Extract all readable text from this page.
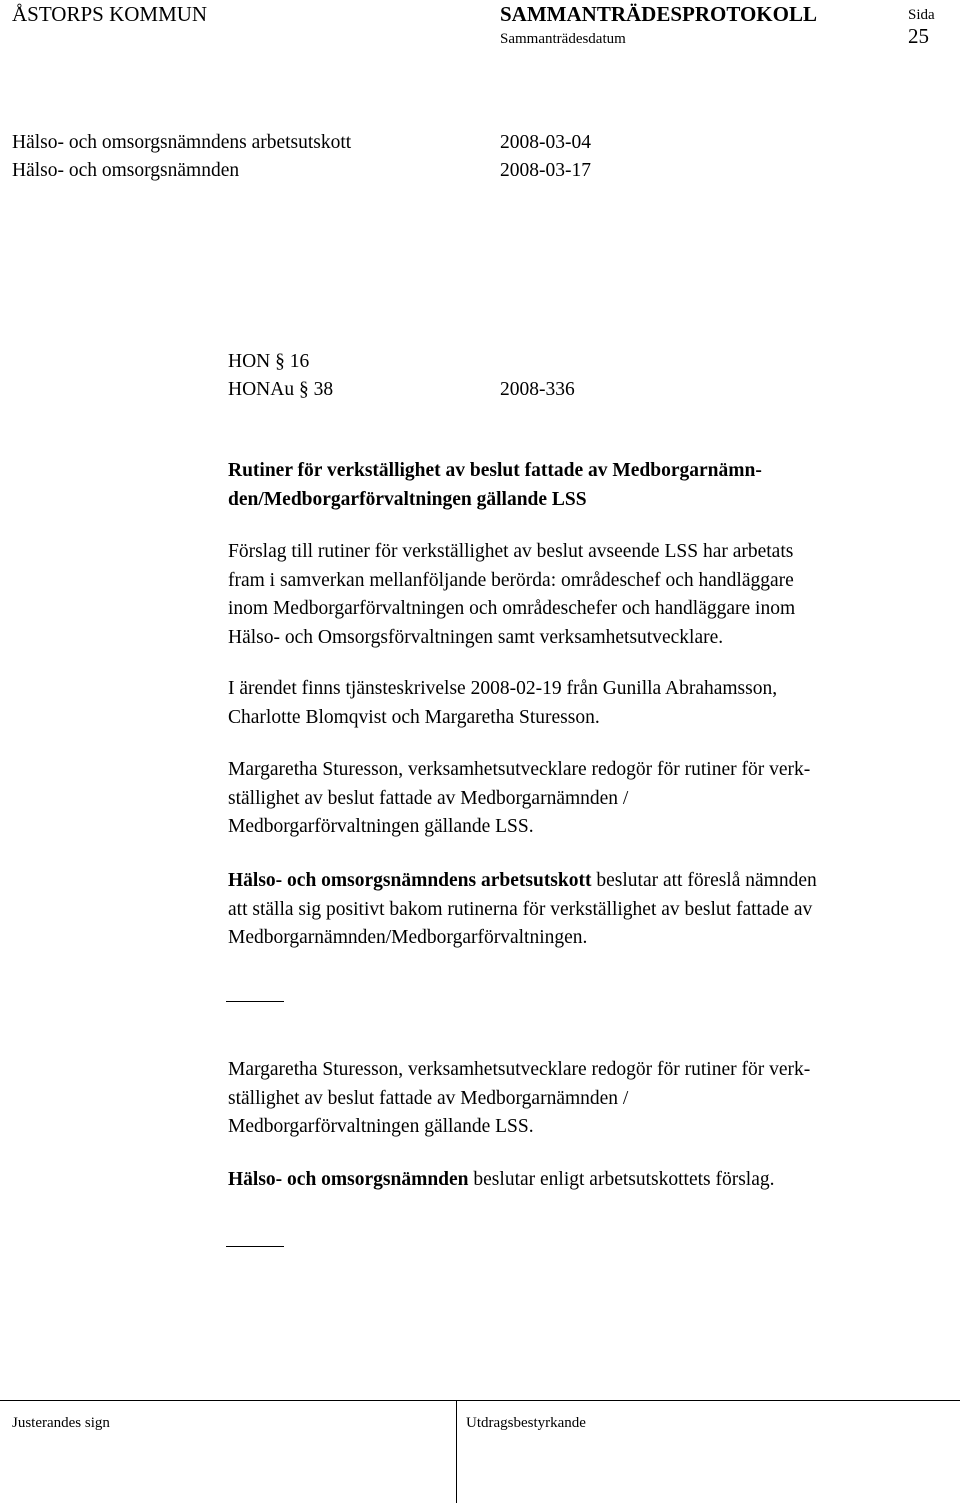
ÅSTORPS KOMMUN	SAMMANTRÄDESPROTOKOLL
Sammanträdesdatum
Sida
25
Hälso- och omsorgsnämndens arbetsutskott	2008-03-04
Hälso- och omsorgsnämnden	2008-03-17
HON § 16
HONAu § 38	2008-336
Rutiner för verkställighet av beslut fattade av Medborgarnämn-
den/Medborgarförvaltningen gällande LSS
Förslag till rutiner för verkställighet av beslut avseende LSS har arbetats
fram i samverkan mellanföljande berörda: områdeschef och handläggare
inom Medborgarförvaltningen och områdeschefer och handläggare inom
Hälso- och Omsorgsförvaltningen samt verksamhetsutvecklare.
I ärendet finns tjänsteskrivelse 2008-02-19 från Gunilla Abrahamsson,
Charlotte Blomqvist och Margaretha Sturesson.
Margaretha Sturesson, verksamhetsutvecklare redogör för rutiner för verk-
ställighet av beslut fattade av Medborgarnämnden /
Medborgarförvaltningen gällande LSS.
Hälso- och omsorgsnämndens arbetsutskott beslutar att föreslå nämnden
att ställa sig positivt bakom rutinerna för verkställighet av beslut fattade av
Medborgarnämnden/Medborgarförvaltningen.
Margaretha Sturesson, verksamhetsutvecklare redogör för rutiner för verk-
ställighet av beslut fattade av Medborgarnämnden /
Medborgarförvaltningen gällande LSS.
Hälso- och omsorgsnämnden beslutar enligt arbetsutskottets förslag.
Justerandes sign	Utdragsbestyrkande
